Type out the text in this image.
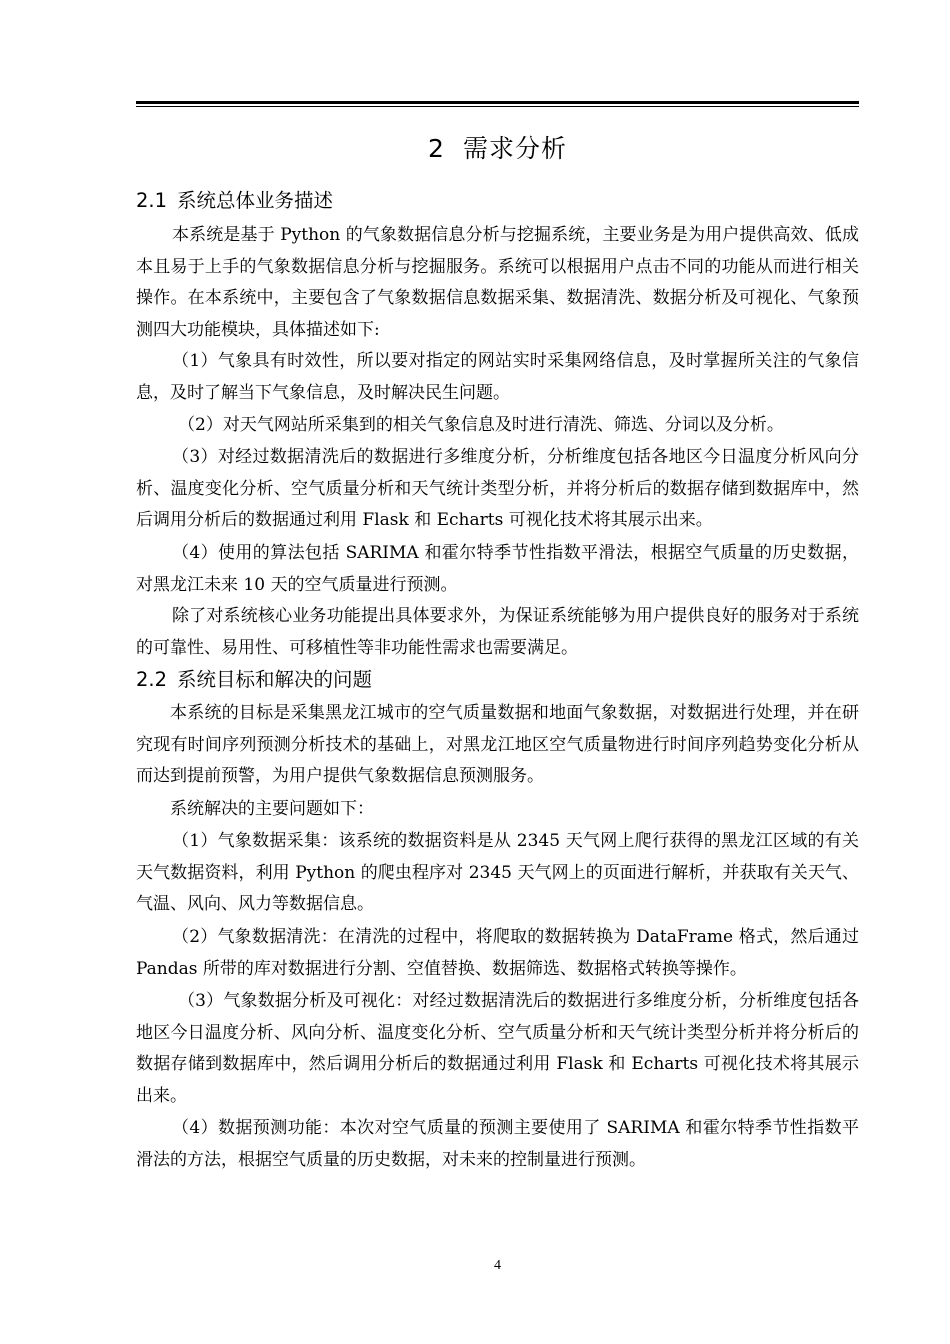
2 需求分析
2.1 系统总体业务描述

本系统是基于 Python 的气象数据信息分析与挖掘系统，主要业务是为用户提供高效、低成本且易于上手的气象数据信息分析与挖掘服务。系统可以根据用户点击不同的功能从而进行相关操作。在本系统中，主要包含了气象数据信息数据采集、数据清洗、数据分析及可视化、气象预测四大功能模块，具体描述如下:

（1）气象具有时效性，所以要对指定的网站实时采集网络信息，及时掌握所关注的气象信息，及时了解当下气象信息，及时解决民生问题。

（2）对天气网站所采集到的相关气象信息及时进行清洗、筛选、分词以及分析。

（3）对经过数据清洗后的数据进行多维度分析，分析维度包括各地区今日温度分析风向分析、温度变化分析、空气质量分析和天气统计类型分析，并将分析后的数据存储到数据库中，然后调用分析后的数据通过利用 Flask 和 Echarts 可视化技术将其展示出来。

（4）使用的算法包括 SARIMA 和霍尔特季节性指数平滑法，根据空气质量的历史数据，对黑龙江未来 10 天的空气质量进行预测。

除了对系统核心业务功能提出具体要求外，为保证系统能够为用户提供良好的服务对于系统的可靠性、易用性、可移植性等非功能性需求也需要满足。

2.2 系统目标和解决的问题

本系统的目标是采集黑龙江城市的空气质量数据和地面气象数据，对数据进行处理，并在研究现有时间序列预测分析技术的基础上，对黑龙江地区空气质量物进行时间序列趋势变化分析从而达到提前预警，为用户提供气象数据信息预测服务。

系统解决的主要问题如下：

（1）气象数据采集：该系统的数据资料是从 2345 天气网上爬行获得的黑龙江区域的有关天气数据资料，利用 Python 的爬虫程序对 2345 天气网上的页面进行解析，并获取有关天气、气温、风向、风力等数据信息。

（2）气象数据清洗：在清洗的过程中，将爬取的数据转换为 DataFrame 格式，然后通过 Pandas 所带的库对数据进行分割、空值替换、数据筛选、数据格式转换等操作。

（3）气象数据分析及可视化：对经过数据清洗后的数据进行多维度分析，分析维度包括各地区今日温度分析、风向分析、温度变化分析、空气质量分析和天气统计类型分析并将分析后的数据存储到数据库中，然后调用分析后的数据通过利用 Flask 和 Echarts 可视化技术将其展示出来。

（4）数据预测功能：本次对空气质量的预测主要使用了 SARIMA 和霍尔特季节性指数平滑法的方法，根据空气质量的历史数据，对未来的控制量进行预测。

4
